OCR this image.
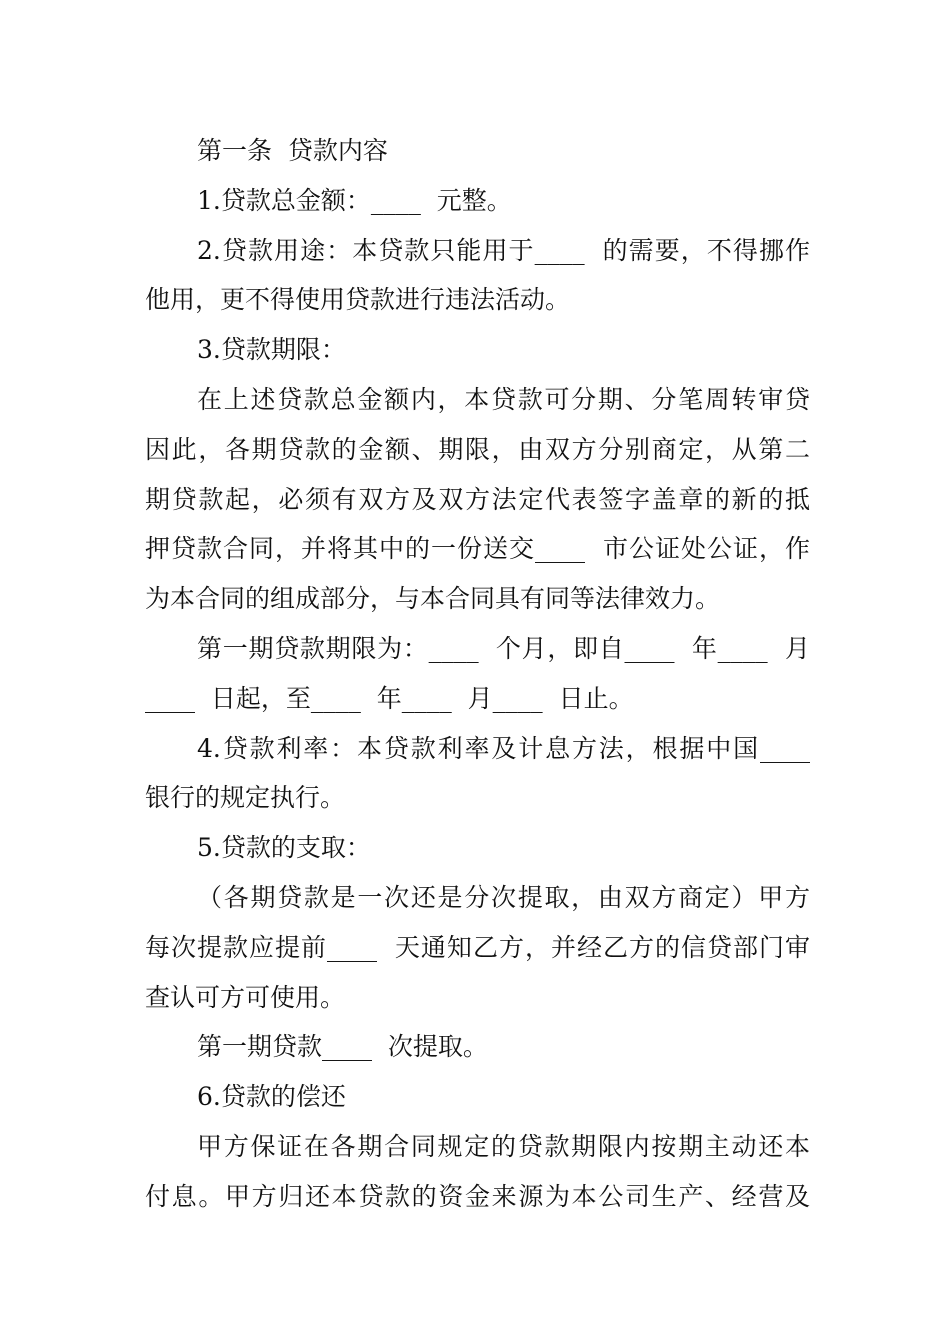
第一条  贷款内容

1.贷款总金额：____  元整。

2.贷款用途：本贷款只能用于____  的需要，不得挪作

他用，更不得使用贷款进行违法活动。

3.贷款期限：

在上述贷款总金额内，本贷款可分期、分笔周转审贷

因此，各期贷款的金额、期限，由双方分别商定，从第二

期贷款起，必须有双方及双方法定代表签字盖章的新的抵

押贷款合同，并将其中的一份送交____  市公证处公证，作

为本合同的组成部分，与本合同具有同等法律效力。

第一期贷款期限为：____  个月，即自____  年____  月

____  日起，至____  年____  月____  日止。

4.贷款利率：本贷款利率及计息方法，根据中国____

银行的规定执行。

5.贷款的支取：

（各期贷款是一次还是分次提取，由双方商定）甲方

每次提款应提前____  天通知乙方，并经乙方的信贷部门审

查认可方可使用。

第一期贷款____  次提取。

6.贷款的偿还

甲方保证在各期合同规定的贷款期限内按期主动还本

付息。甲方归还本贷款的资金来源为本公司生产、经营及
